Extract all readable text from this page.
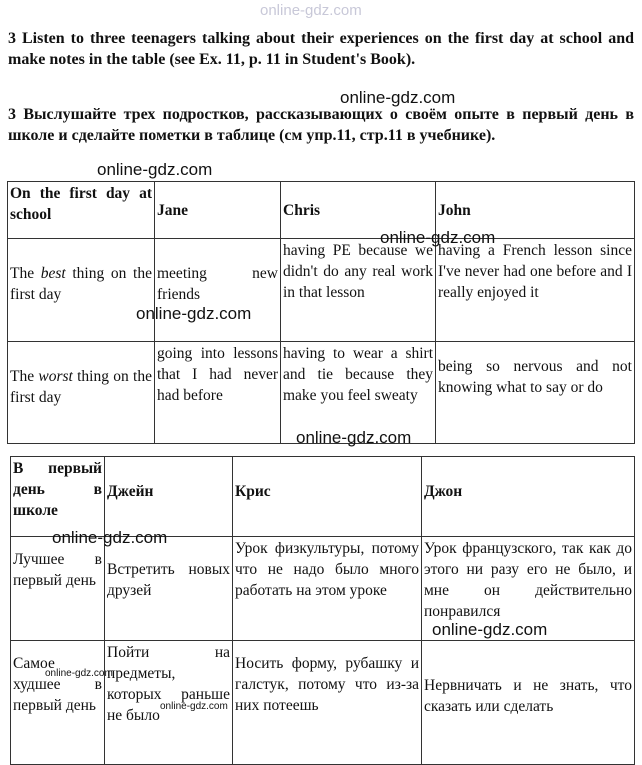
online-gdz.com
3 Listen to three teenagers talking about their experiences on the first day at school and make notes in the table (see Ex. 11, p. 11 in Student's Book).
online-gdz.com
3 Выслушайте трех подростков, рассказывающих о своём опыте в первый день в школе и сделайте пометки в таблице (см упр.11, стр.11 в учебнике).
On the first day at school	Jane	Chris	John
The best thing on the first day	meeting new friends	having PE because we didn't do any real work in that lesson	having a French lesson since I've never had one before and I really enjoyed it
The worst thing on the first day	going into lessons that I had never had before	having to wear a shirt and tie because they make you feel sweaty	being so nervous and not knowing what to say or do
В первый день в школе	Джейн	Крис	Джон
Лучшее в первый день	Встретить новых друзей	Урок физкультуры, потому что не надо было много работать на этом уроке	Урок французского, так как до этого ни разу его не было, и мне он действительно понравился
Самое худшее в первый день	Пойти на предметы, которых раньше не было	Носить форму, рубашку и галстук, потому что из-за них потеешь	Нервничать и не знать, что сказать или сделать
online-gdz.com
online-gdz.com
online-gdz.com
online-gdz.com
online-gdz.com
online-gdz.com
online-gdz.com
online-gdz.com
